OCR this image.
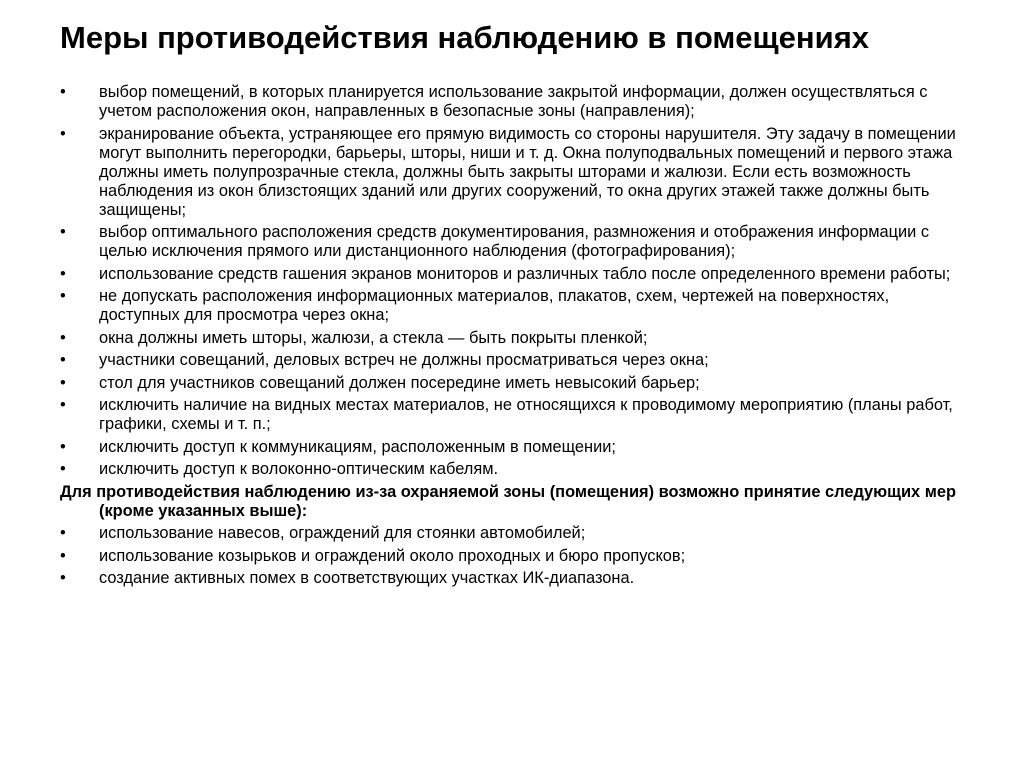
Меры противодействия наблюдению в помещениях
•	выбор помещений, в которых планируется использование закрытой информации, должен осуществляться с учетом расположения окон, направленных в безопасные зоны (направления);
•	экранирование объекта, устраняющее его прямую видимость со стороны нарушителя. Эту задачу в помещении могут выполнить перегородки, барьеры, шторы, ниши и т. д. Окна полуподвальных помещений и первого этажа должны иметь полупрозрачные стекла, должны быть закрыты шторами и жалюзи. Если есть возможность наблюдения из окон близстоящих зданий или других сооружений, то окна других этажей также должны быть защищены;
•	выбор оптимального расположения средств документирования, размножения и отображения информации с целью исключения прямого или дистанционного наблюдения (фотографирования);
•	использование средств гашения экранов мониторов и различных табло после определенного времени работы;
•	не допускать расположения информационных материалов, плакатов, схем, чертежей на поверхностях, доступных для просмотра через окна;
•	окна должны иметь шторы, жалюзи, а стекла — быть покрыты пленкой;
•	участники совещаний, деловых встреч не должны просматриваться через окна;
•	стол для участников совещаний должен посередине иметь невысокий барьер;
•	исключить наличие на видных местах материалов, не относящихся к проводимому мероприятию (планы работ, графики, схемы и т. п.;
•	исключить доступ к коммуникациям, расположенным в помещении;
•	исключить доступ к волоконно-оптическим кабелям.
Для противодействия наблюдению из-за охраняемой зоны (помещения) возможно принятие следующих мер (кроме указанных выше):
•	использование навесов, ограждений для стоянки автомобилей;
•	использование козырьков и ограждений около проходных и бюро пропусков;
•	создание активных помех в соответствующих участках ИК-диапазона.
